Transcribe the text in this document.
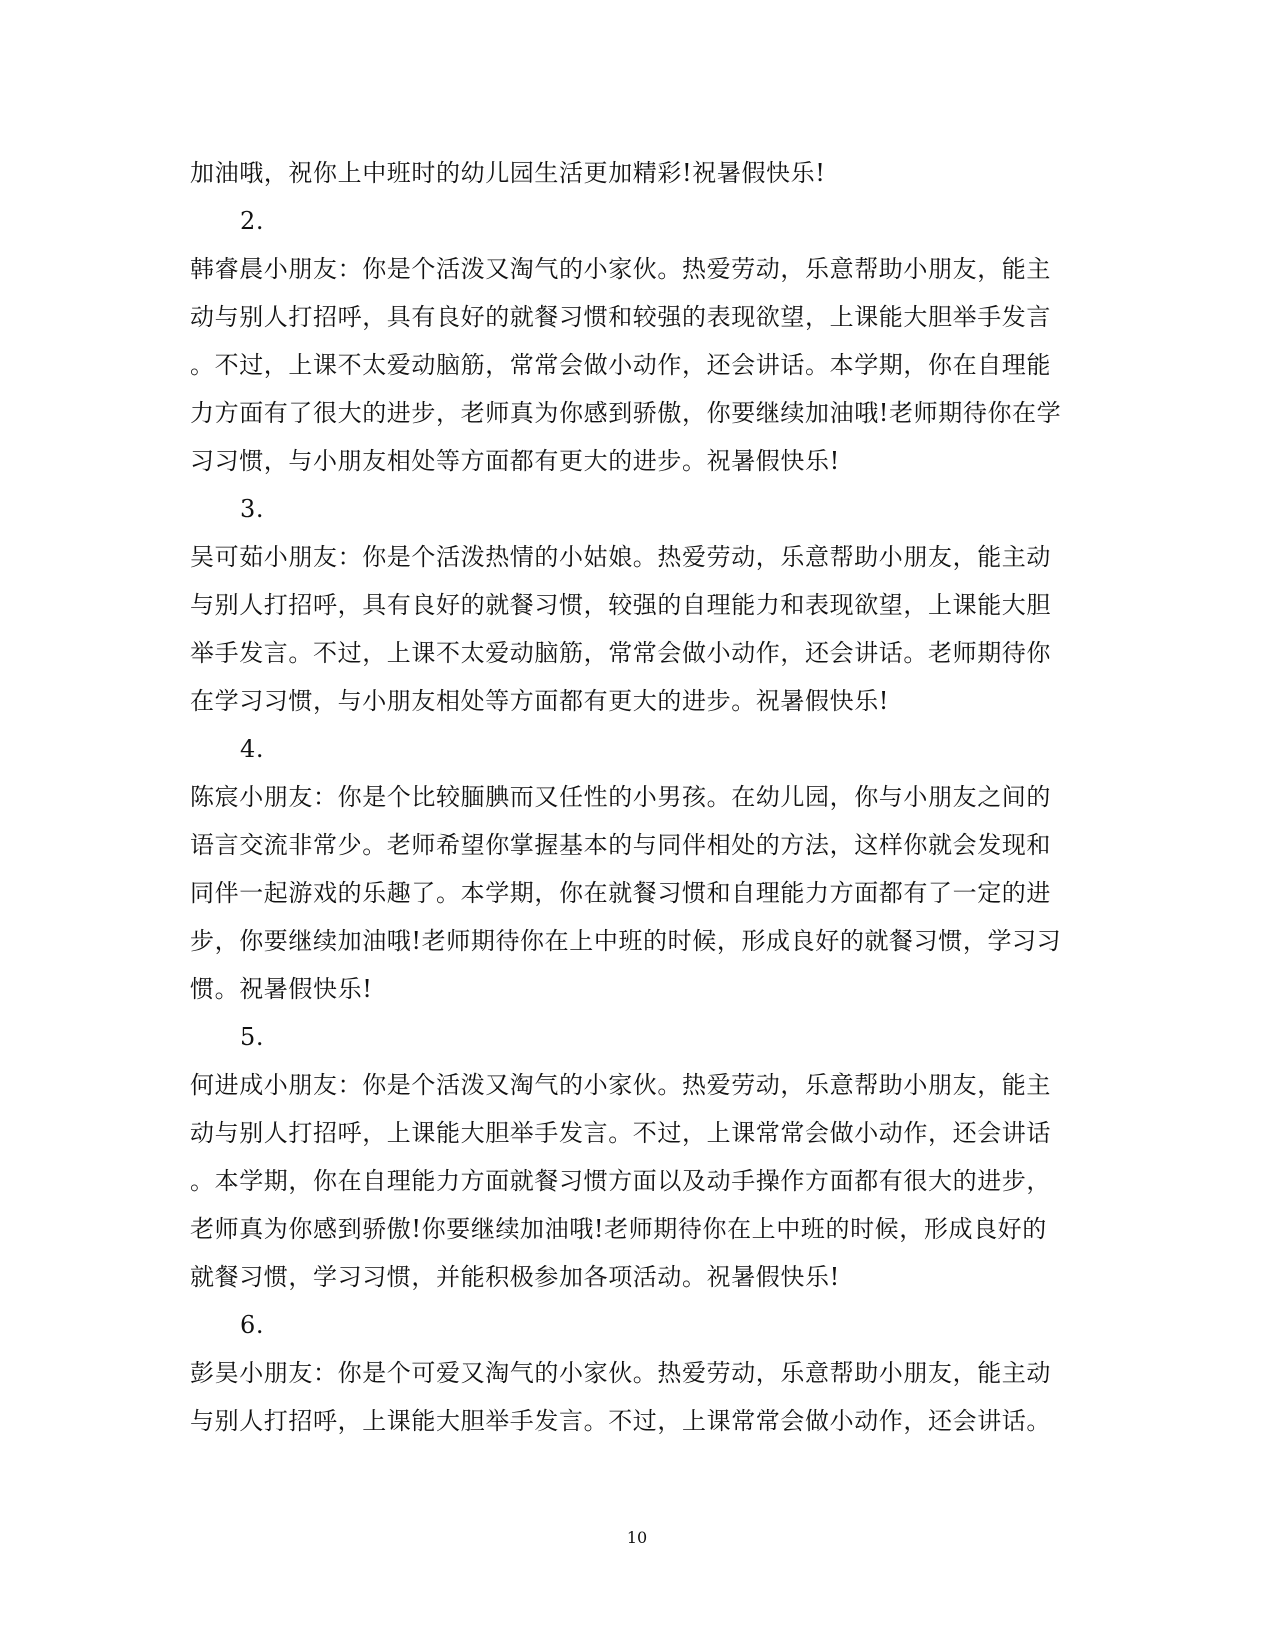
加油哦，祝你上中班时的幼儿园生活更加精彩!祝暑假快乐!
2.
韩睿晨小朋友：你是个活泼又淘气的小家伙。热爱劳动，乐意帮助小朋友，能主
动与别人打招呼，具有良好的就餐习惯和较强的表现欲望，上课能大胆举手发言
。不过，上课不太爱动脑筋，常常会做小动作，还会讲话。本学期，你在自理能
力方面有了很大的进步，老师真为你感到骄傲，你要继续加油哦!老师期待你在学
习习惯，与小朋友相处等方面都有更大的进步。祝暑假快乐!
3.
吴可茹小朋友：你是个活泼热情的小姑娘。热爱劳动，乐意帮助小朋友，能主动
与别人打招呼，具有良好的就餐习惯，较强的自理能力和表现欲望，上课能大胆
举手发言。不过，上课不太爱动脑筋，常常会做小动作，还会讲话。老师期待你
在学习习惯，与小朋友相处等方面都有更大的进步。祝暑假快乐!
4.
陈宸小朋友：你是个比较腼腆而又任性的小男孩。在幼儿园，你与小朋友之间的
语言交流非常少。老师希望你掌握基本的与同伴相处的方法，这样你就会发现和
同伴一起游戏的乐趣了。本学期，你在就餐习惯和自理能力方面都有了一定的进
步，你要继续加油哦!老师期待你在上中班的时候，形成良好的就餐习惯，学习习
惯。祝暑假快乐!
5.
何进成小朋友：你是个活泼又淘气的小家伙。热爱劳动，乐意帮助小朋友，能主
动与别人打招呼，上课能大胆举手发言。不过，上课常常会做小动作，还会讲话
。本学期，你在自理能力方面就餐习惯方面以及动手操作方面都有很大的进步，
老师真为你感到骄傲!你要继续加油哦!老师期待你在上中班的时候，形成良好的
就餐习惯，学习习惯，并能积极参加各项活动。祝暑假快乐!
6.
彭昊小朋友：你是个可爱又淘气的小家伙。热爱劳动，乐意帮助小朋友，能主动
与别人打招呼，上课能大胆举手发言。不过，上课常常会做小动作，还会讲话。
10
